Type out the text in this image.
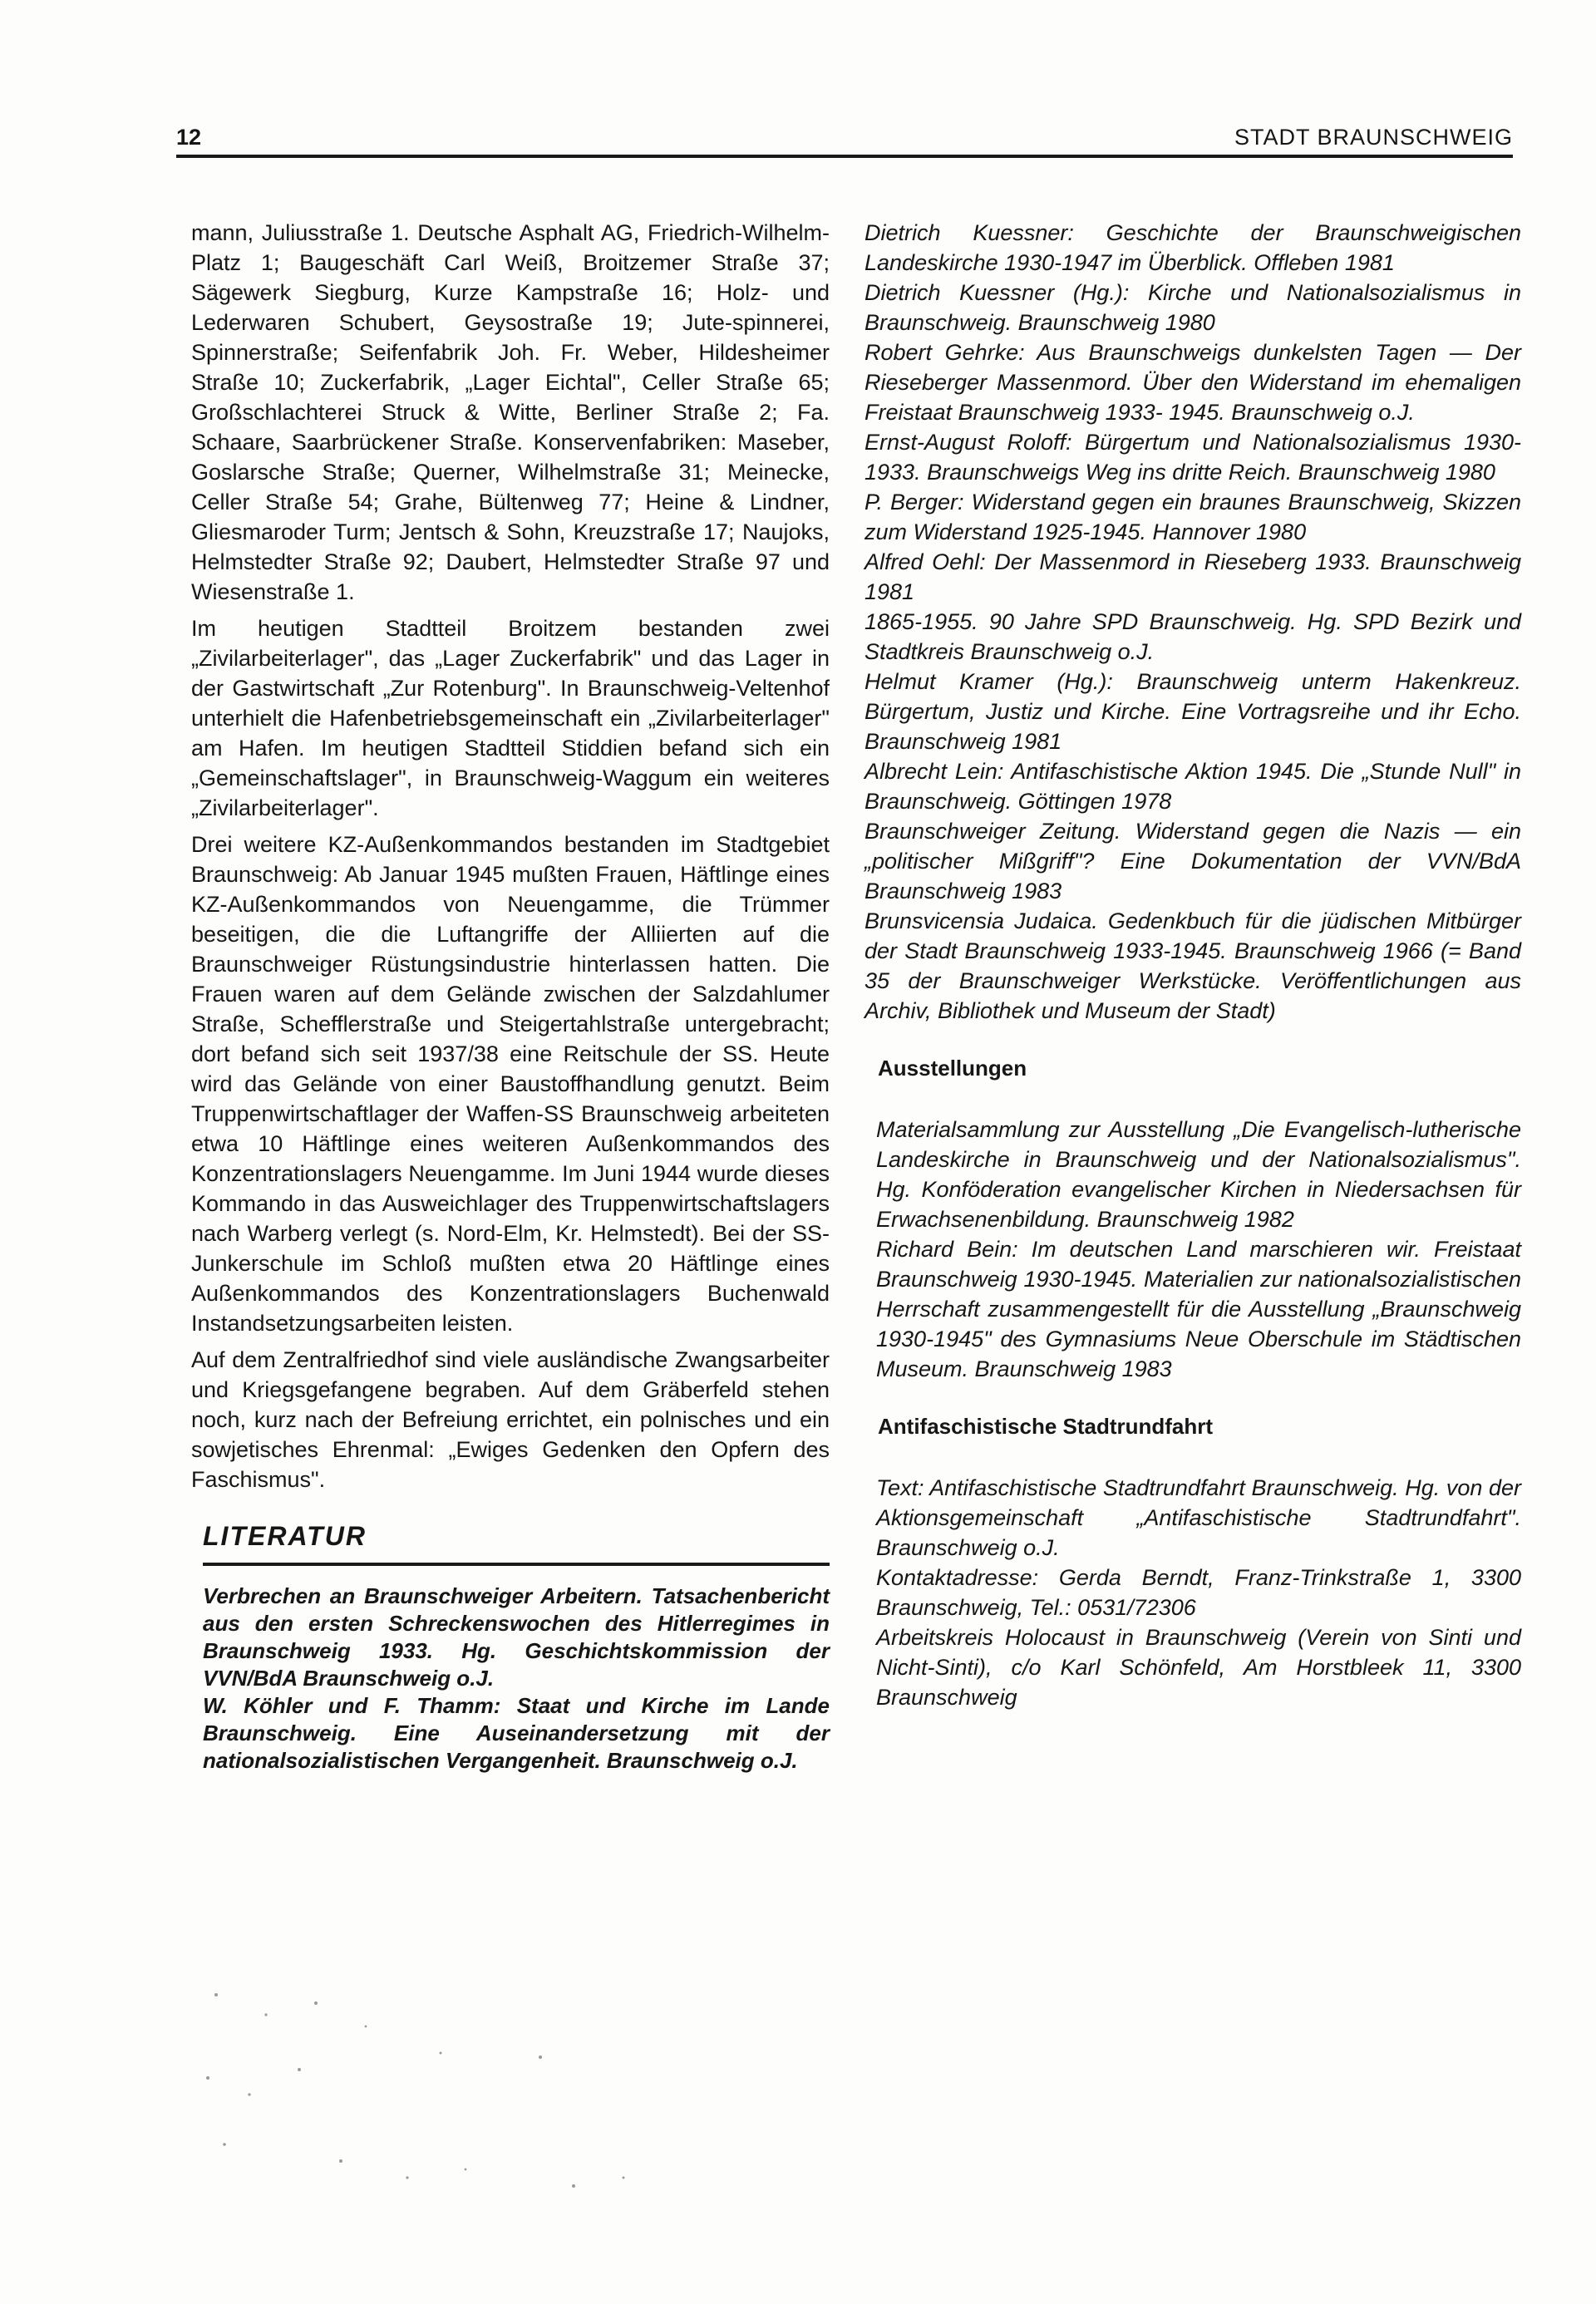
12	STADT BRAUNSCHWEIG

mann, Juliusstraße 1. Deutsche Asphalt AG, Friedrich-Wilhelm-Platz 1; Baugeschäft Carl Weiß, Broitzemer Straße 37; Sägewerk Siegburg, Kurze Kampstraße 16; Holz- und Lederwaren Schubert, Geysostraße 19; Jute-spinnerei, Spinnerstraße; Seifenfabrik Joh. Fr. Weber, Hildesheimer Straße 10; Zuckerfabrik, „Lager Eichtal", Celler Straße 65; Großschlachterei Struck & Witte, Berliner Straße 2; Fa. Schaare, Saarbrückener Straße. Konservenfabriken: Maseber, Goslarsche Straße; Querner, Wilhelmstraße 31; Meinecke, Celler Straße 54; Grahe, Bültenweg 77; Heine & Lindner, Gliesmaroder Turm; Jentsch & Sohn, Kreuzstraße 17; Naujoks, Helmstedter Straße 92; Daubert, Helmstedter Straße 97 und Wiesenstraße 1.

Im heutigen Stadtteil Broitzem bestanden zwei „Zivilarbeiterlager", das „Lager Zuckerfabrik" und das Lager in der Gastwirtschaft „Zur Rotenburg". In Braunschweig-Veltenhof unterhielt die Hafenbetriebsgemeinschaft ein „Zivilarbeiterlager" am Hafen. Im heutigen Stadtteil Stiddien befand sich ein „Gemeinschaftslager", in Braunschweig-Waggum ein weiteres „Zivilarbeiterlager".

Drei weitere KZ-Außenkommandos bestanden im Stadtgebiet Braunschweig: Ab Januar 1945 mußten Frauen, Häftlinge eines KZ-Außenkommandos von Neuengamme, die Trümmer beseitigen, die die Luftangriffe der Alliierten auf die Braunschweiger Rüstungsindustrie hinterlassen hatten. Die Frauen waren auf dem Gelände zwischen der Salzdahlumer Straße, Schefflerstraße und Steigertahlstraße untergebracht; dort befand sich seit 1937/38 eine Reitschule der SS. Heute wird das Gelände von einer Baustoffhandlung genutzt. Beim Truppenwirtschaftlager der Waffen-SS Braunschweig arbeiteten etwa 10 Häftlinge eines weiteren Außenkommandos des Konzentrationslagers Neuengamme. Im Juni 1944 wurde dieses Kommando in das Ausweichlager des Truppenwirtschaftslagers nach Warberg verlegt (s. Nord-Elm, Kr. Helmstedt). Bei der SS-Junkerschule im Schloß mußten etwa 20 Häftlinge eines Außenkommandos des Konzentrationslagers Buchenwald Instandsetzungsarbeiten leisten.

Auf dem Zentralfriedhof sind viele ausländische Zwangsarbeiter und Kriegsgefangene begraben. Auf dem Gräberfeld stehen noch, kurz nach der Befreiung errichtet, ein polnisches und ein sowjetisches Ehrenmal: „Ewiges Gedenken den Opfern des Faschismus".

LITERATUR

Verbrechen an Braunschweiger Arbeitern. Tatsachenbericht aus den ersten Schreckenswochen des Hitlerregimes in Braunschweig 1933. Hg. Geschichtskommission der VVN/BdA Braunschweig o.J.

W. Köhler und F. Thamm: Staat und Kirche im Lande Braunschweig. Eine Auseinandersetzung mit der nationalsozialistischen Vergangenheit. Braunschweig o.J.

Dietrich Kuessner: Geschichte der Braunschweigischen Landeskirche 1930-1947 im Überblick. Offleben 1981

Dietrich Kuessner (Hg.): Kirche und Nationalsozialismus in Braunschweig. Braunschweig 1980

Robert Gehrke: Aus Braunschweigs dunkelsten Tagen — Der Rieseberger Massenmord. Über den Widerstand im ehemaligen Freistaat Braunschweig 1933- 1945. Braunschweig o.J.

Ernst-August Roloff: Bürgertum und Nationalsozialismus 1930-1933. Braunschweigs Weg ins dritte Reich. Braunschweig 1980

P. Berger: Widerstand gegen ein braunes Braunschweig, Skizzen zum Widerstand 1925-1945. Hannover 1980

Alfred Oehl: Der Massenmord in Rieseberg 1933. Braunschweig 1981

1865-1955. 90 Jahre SPD Braunschweig. Hg. SPD Bezirk und Stadtkreis Braunschweig o.J.

Helmut Kramer (Hg.): Braunschweig unterm Hakenkreuz. Bürgertum, Justiz und Kirche. Eine Vortragsreihe und ihr Echo. Braunschweig 1981

Albrecht Lein: Antifaschistische Aktion 1945. Die „Stunde Null" in Braunschweig. Göttingen 1978

Braunschweiger Zeitung. Widerstand gegen die Nazis — ein „politischer Mißgriff"? Eine Dokumentation der VVN/BdA Braunschweig 1983

Brunsvicensia Judaica. Gedenkbuch für die jüdischen Mitbürger der Stadt Braunschweig 1933-1945. Braunschweig 1966 (= Band 35 der Braunschweiger Werkstücke. Veröffentlichungen aus Archiv, Bibliothek und Museum der Stadt)

Ausstellungen

Materialsammlung zur Ausstellung „Die Evangelisch-lutherische Landeskirche in Braunschweig und der Nationalsozialismus". Hg. Konföderation evangelischer Kirchen in Niedersachsen für Erwachsenenbildung. Braunschweig 1982

Richard Bein: Im deutschen Land marschieren wir. Freistaat Braunschweig 1930-1945. Materialien zur nationalsozialistischen Herrschaft zusammengestellt für die Ausstellung „Braunschweig 1930-1945" des Gymnasiums Neue Oberschule im Städtischen Museum. Braunschweig 1983

Antifaschistische Stadtrundfahrt

Text: Antifaschistische Stadtrundfahrt Braunschweig. Hg. von der Aktionsgemeinschaft „Antifaschistische Stadtrundfahrt". Braunschweig o.J.

Kontaktadresse: Gerda Berndt, Franz-Trinkstraße 1, 3300 Braunschweig, Tel.: 0531/72306

Arbeitskreis Holocaust in Braunschweig (Verein von Sinti und Nicht-Sinti), c/o Karl Schönfeld, Am Horstbleek 11, 3300 Braunschweig
